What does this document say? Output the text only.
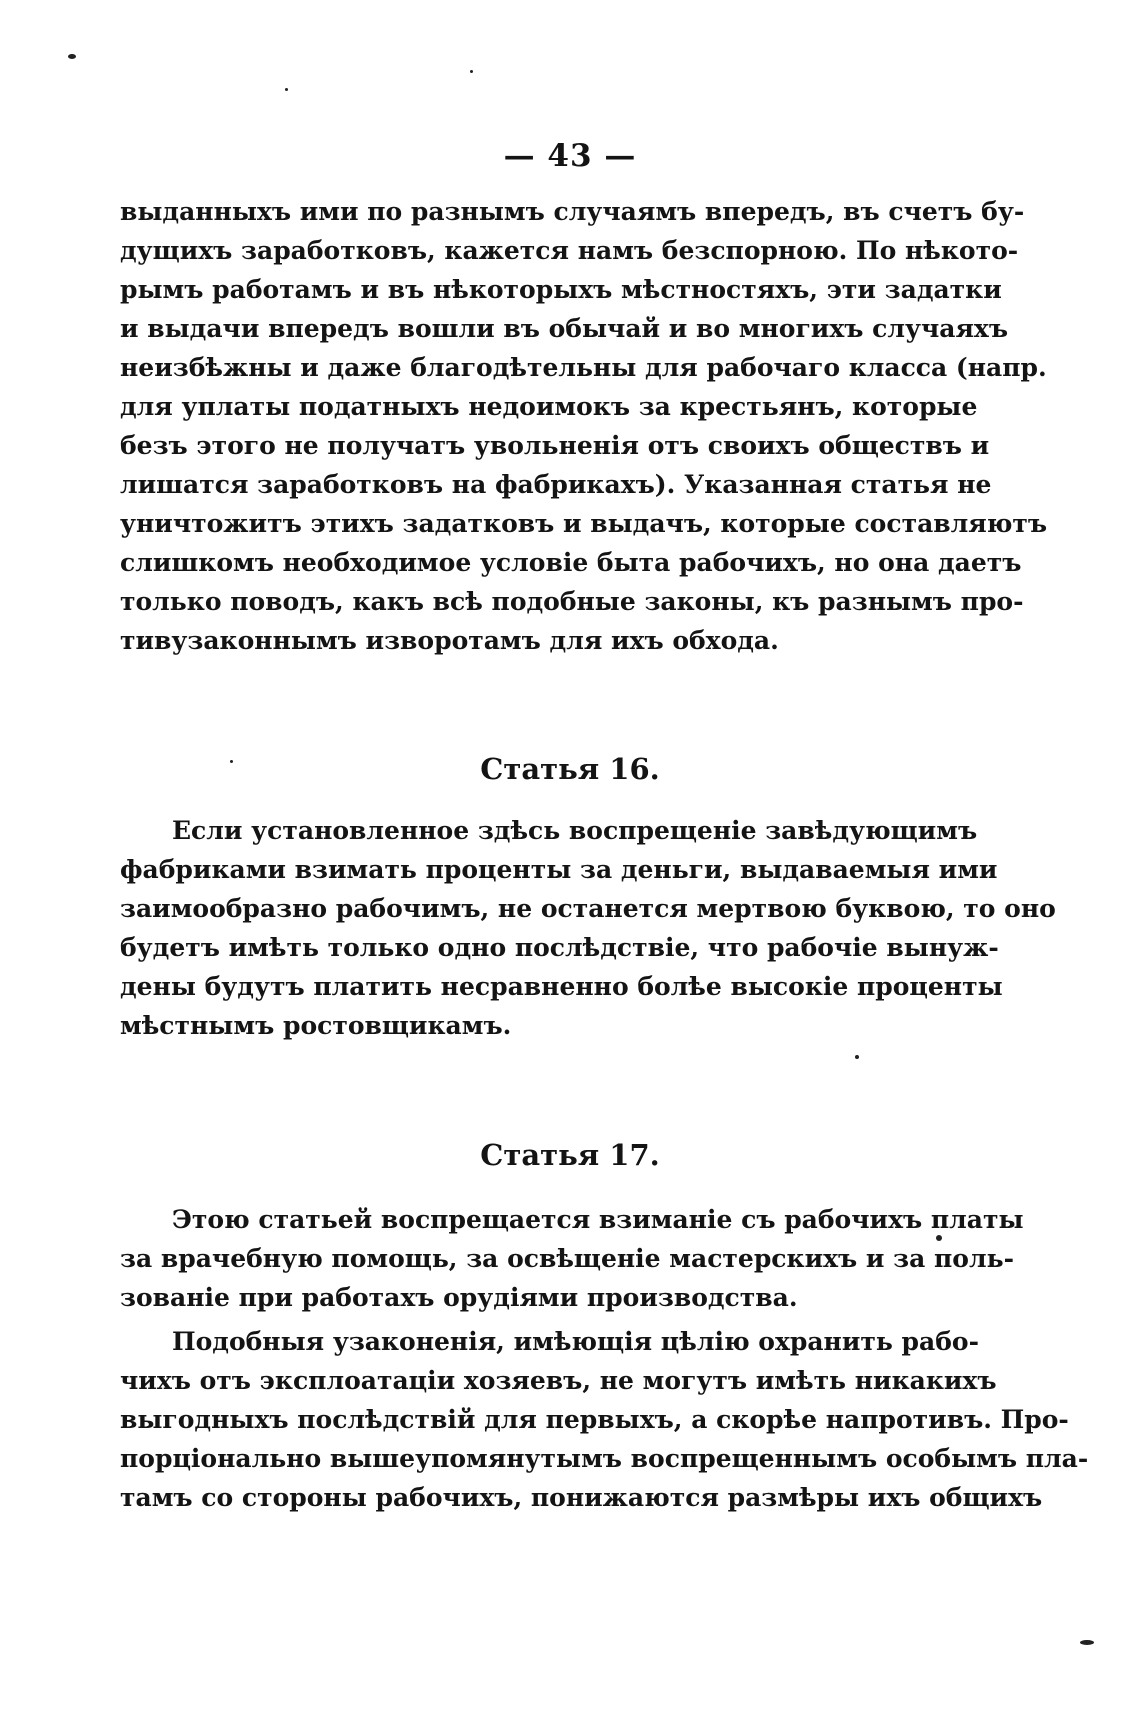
— 43 —
выданныхъ ими по разнымъ случаямъ впередъ, въ счетъ бу-
дущихъ заработковъ, кажется намъ безспорною. По нѣкото-
рымъ работамъ и въ нѣкоторыхъ мѣстностяхъ, эти задатки
и выдачи впередъ вошли въ обычай и во многихъ случаяхъ
неизбѣжны и даже благодѣтельны для рабочаго класса (напр.
для уплаты податныхъ недоимокъ за крестьянъ, которые
безъ этого не получатъ увольненія отъ своихъ обществъ и
лишатся заработковъ на фабрикахъ). Указанная статья не
уничтожитъ этихъ задатковъ и выдачъ, которые составляютъ
слишкомъ необходимое условіе быта рабочихъ, но она даетъ
только поводъ, какъ всѣ подобные законы, къ разнымъ про-
тивузаконнымъ изворотамъ для ихъ обхода.
Статья 16.
Если установленное здѣсь воспрещеніе завѣдующимъ
фабриками взимать проценты за деньги, выдаваемыя ими
заимообразно рабочимъ, не останется мертвою буквою, то оно
будетъ имѣть только одно послѣдствіе, что рабочіе вынуж-
дены будутъ платить несравненно болѣе высокіе проценты
мѣстнымъ ростовщикамъ.
Статья 17.
Этою статьей воспрещается взиманіе съ рабочихъ платы
за врачебную помощь, за освѣщеніе мастерскихъ и за поль-
зованіе при работахъ орудіями производства.
Подобныя узаконенія, имѣющія цѣлію охранить рабо-
чихъ отъ эксплоатаціи хозяевъ, не могутъ имѣть никакихъ
выгодныхъ послѣдствій для первыхъ, а скорѣе напротивъ. Про-
порціонально вышеупомянутымъ воспрещеннымъ особымъ пла-
тамъ со стороны рабочихъ, понижаются размѣры ихъ общихъ
